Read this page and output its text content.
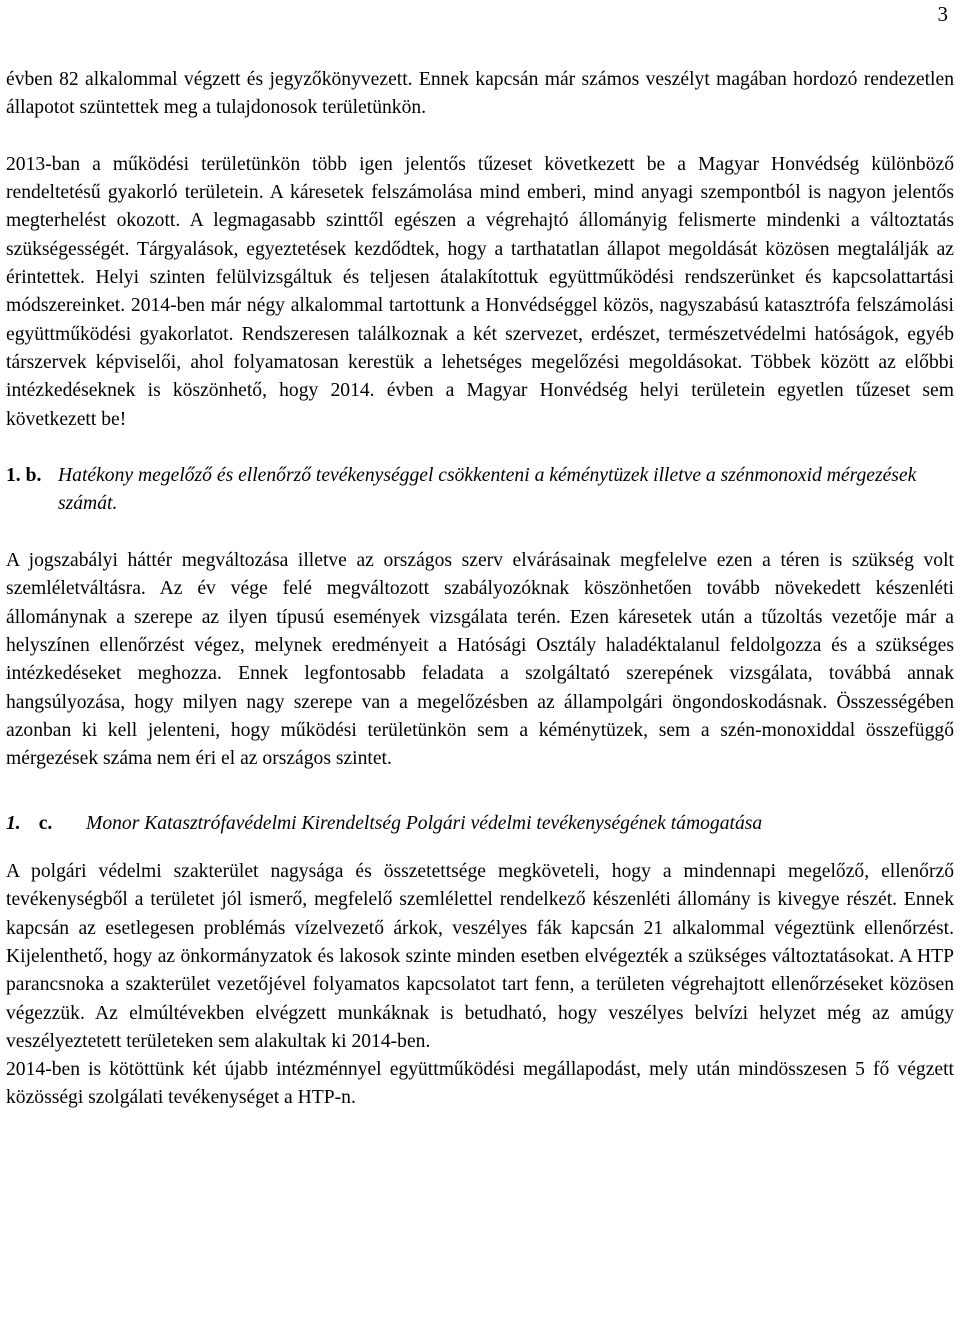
3

évben 82 alkalommal végzett és jegyzőkönyvezett. Ennek kapcsán már számos veszélyt magában hordozó rendezetlen állapotot szüntettek meg a tulajdonosok területünkön.

2013-ban a működési területünkön több igen jelentős tűzeset következett be a Magyar Honvédség különböző rendeltetésű gyakorló területein. A káresetek felszámolása mind emberi, mind anyagi szempontból is nagyon jelentős megterhelést okozott. A legmagasabb szinttől egészen a végrehajtó állományig felismerte mindenki a változtatás szükségességét. Tárgyalások, egyeztetések kezdődtek, hogy a tarthatatlan állapot megoldását közösen megtalálják az érintettek. Helyi szinten felülvizsgáltuk és teljesen átalakítottuk együttműködési rendszerünket és kapcsolattartási módszereinket. 2014-ben már négy alkalommal tartottunk a Honvédséggel közös, nagyszabású katasztrófa felszámolási együttműködési gyakorlatot. Rendszeresen találkoznak a két szervezet, erdészet, természetvédelmi hatóságok, egyéb társzervek képviselői, ahol folyamatosan kerestük a lehetséges megelőzési megoldásokat. Többek között az előbbi intézkedéseknek is köszönhető, hogy 2014. évben a Magyar Honvédség helyi területein egyetlen tűzeset sem következett be!

1. b. Hatékony megelőző és ellenőrző tevékenységgel csökkenteni a kéménytüzek illetve a szénmonoxid mérgezések számát.

A jogszabályi háttér megváltozása illetve az országos szerv elvárásainak megfelelve ezen a téren is szükség volt szemléletváltásra. Az év vége felé megváltozott szabályozóknak köszönhetően tovább növekedett készenléti állománynak a szerepe az ilyen típusú események vizsgálata terén. Ezen káresetek után a tűzoltás vezetője már a helyszínen ellenőrzést végez, melynek eredményeit a Hatósági Osztály haladéktalanul feldolgozza és a szükséges intézkedéseket meghozza. Ennek legfontosabb feladata a szolgáltató szerepének vizsgálata, továbbá annak hangsúlyozása, hogy milyen nagy szerepe van a megelőzésben az állampolgári öngondoskodásnak. Összességében azonban ki kell jelenteni, hogy működési területünkön sem a kéménytüzek, sem a szén-monoxiddal összefüggő mérgezések száma nem éri el az országos szintet.

1. c. Monor Katasztrófavédelmi Kirendeltség Polgári védelmi tevékenységének támogatása

A polgári védelmi szakterület nagysága és összetettsége megköveteli, hogy a mindennapi megelőző, ellenőrző tevékenységből a területet jól ismerő, megfelelő szemlélettel rendelkező készenléti állomány is kivegye részét. Ennek kapcsán az esetlegesen problémás vízelvezető árkok, veszélyes fák kapcsán 21 alkalommal végeztünk ellenőrzést. Kijelenthető, hogy az önkormányzatok és lakosok szinte minden esetben elvégezték a szükséges változtatásokat. A HTP parancsnoka a szakterület vezetőjével folyamatos kapcsolatot tart fenn, a területen végrehajtott ellenőrzéseket közösen végezzük. Az elmúltévekben elvégzett munkáknak is betudható, hogy veszélyes belvízi helyzet még az amúgy veszélyeztetett területeken sem alakultak ki 2014-ben.

2014-ben is kötöttünk két újabb intézménnyel együttműködési megállapodást, mely után mindösszesen 5 fő végzett közösségi szolgálati tevékenységet a HTP-n.
